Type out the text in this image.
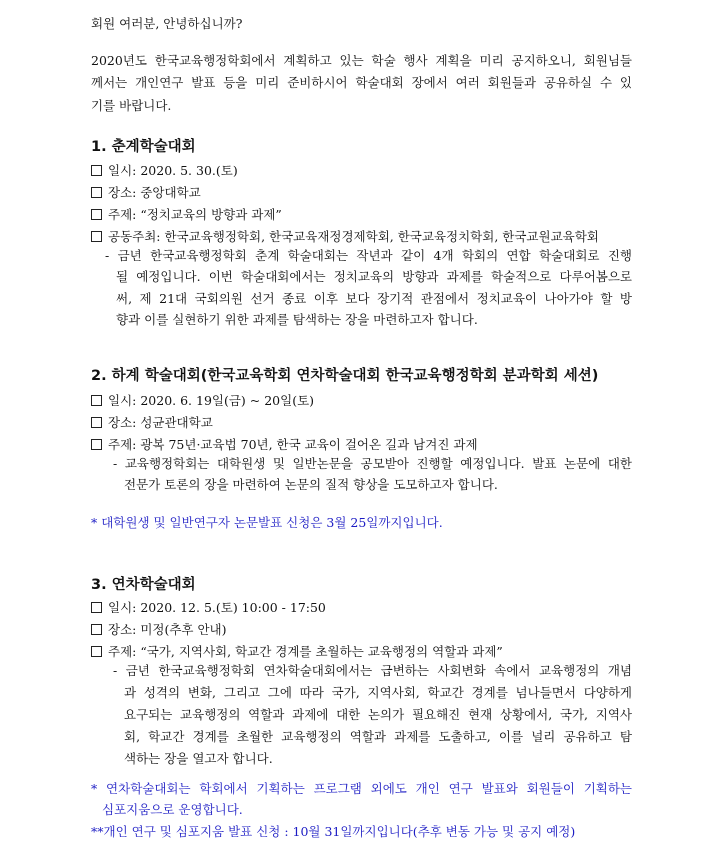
회원 여러분, 안녕하십니까?
2020년도 한국교육행정학회에서 계획하고 있는 학술 행사 계획을 미리 공지하오니, 회원님들
께서는 개인연구 발표 등을 미리 준비하시어 학술대회 장에서 여러 회원들과 공유하실 수 있
기를 바랍니다.
1. 춘계학술대회
일시: 2020. 5. 30.(토)
장소: 중앙대학교
주제: “정치교육의 방향과 과제”
공동주최: 한국교육행정학회, 한국교육재정경제학회, 한국교육정치학회, 한국교원교육학회
- 금년 한국교육행정학회 춘계 학술대회는 작년과 같이 4개 학회의 연합 학술대회로 진행
될 예정입니다. 이번 학술대회에서는 정치교육의 방향과 과제를 학술적으로 다루어봄으로
써, 제 21대 국회의원 선거 종료 이후 보다 장기적 관점에서 정치교육이 나아가야 할 방
향과 이를 실현하기 위한 과제를 탐색하는 장을 마련하고자 합니다.
2. 하계 학술대회(한국교육학회 연차학술대회 한국교육행정학회 분과학회 세션)
일시: 2020. 6. 19일(금) ~ 20일(토)
장소: 성균관대학교
주제: 광복 75년·교육법 70년, 한국 교육이 걸어온 길과 남겨진 과제
- 교육행정학회는 대학원생 및 일반논문을 공모받아 진행할 예정입니다. 발표 논문에 대한
전문가 토론의 장을 마련하여 논문의 질적 향상을 도모하고자 합니다.
* 대학원생 및 일반연구자 논문발표 신청은 3월 25일까지입니다.
3. 연차학술대회
일시: 2020. 12. 5.(토) 10:00 - 17:50
장소: 미정(추후 안내)
주제: “국가, 지역사회, 학교간 경계를 초월하는 교육행정의 역할과 과제”
- 금년 한국교육행정학회 연차학술대회에서는 급변하는 사회변화 속에서 교육행정의 개념
과 성격의 변화, 그리고 그에 따라 국가, 지역사회, 학교간 경계를 넘나들면서 다양하게
요구되는 교육행정의 역할과 과제에 대한 논의가 필요해진 현재 상황에서, 국가, 지역사
회, 학교간 경계를 초월한 교육행정의 역할과 과제를 도출하고, 이를 널리 공유하고 탐
색하는 장을 열고자 합니다.
* 연차학술대회는 학회에서 기획하는 프로그램 외에도 개인 연구 발표와 회원들이 기획하는
심포지움으로 운영합니다.
**개인 연구 및 심포지움 발표 신청 : 10월 31일까지입니다(추후 변동 가능 및 공지 예정)
